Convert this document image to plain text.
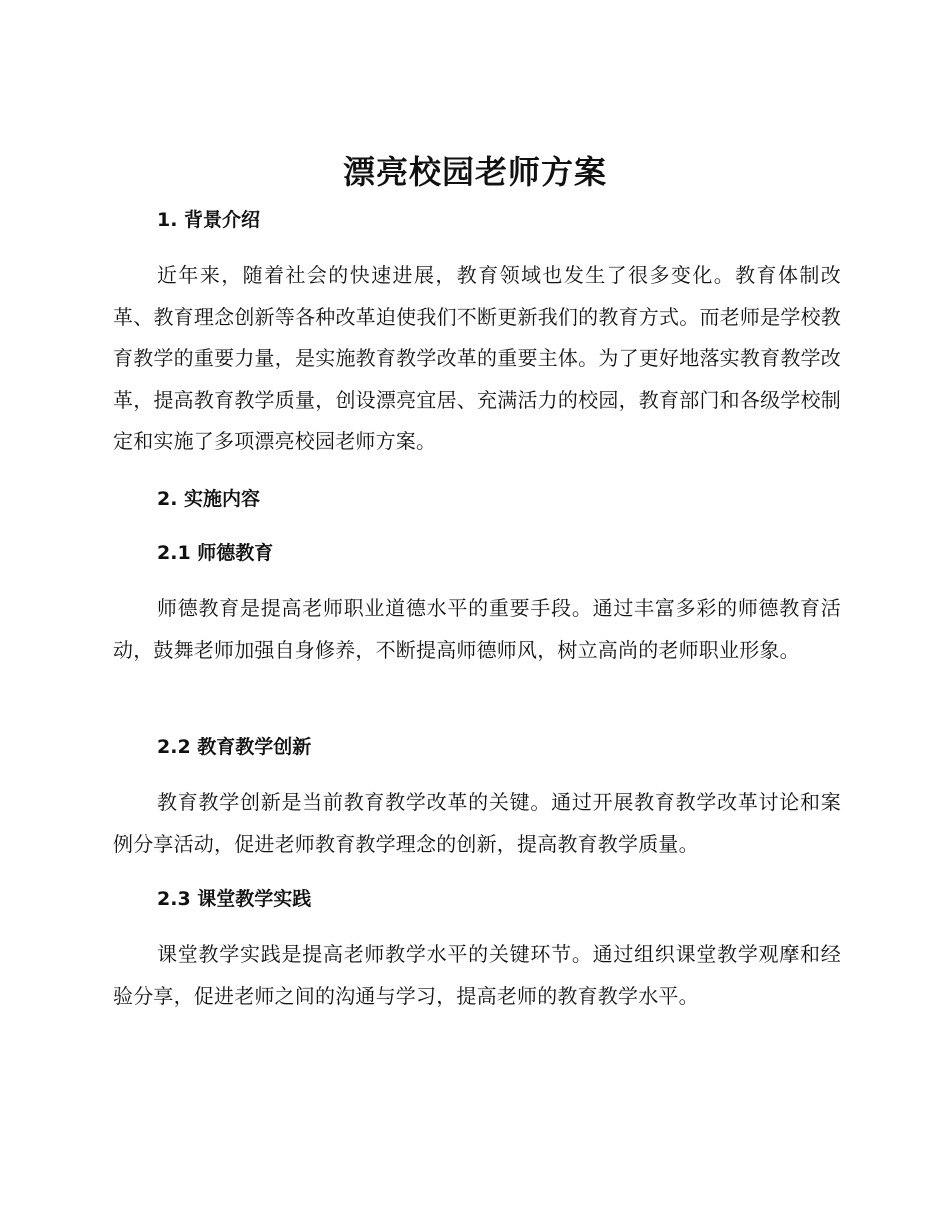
漂亮校园老师方案
1. 背景介绍

近年来，随着社会的快速进展，教育领域也发生了很多变化。教育体制改革、教育理念创新等各种改革迫使我们不断更新我们的教育方式。而老师是学校教育教学的重要力量，是实施教育教学改革的重要主体。为了更好地落实教育教学改革，提高教育教学质量，创设漂亮宜居、充满活力的校园，教育部门和各级学校制定和实施了多项漂亮校园老师方案。

2. 实施内容
2.1 师德教育

师德教育是提高老师职业道德水平的重要手段。通过丰富多彩的师德教育活动，鼓舞老师加强自身修养，不断提高师德师风，树立高尚的老师职业形象。

2.2 教育教学创新

教育教学创新是当前教育教学改革的关键。通过开展教育教学改革讨论和案例分享活动，促进老师教育教学理念的创新，提高教育教学质量。

2.3 课堂教学实践

课堂教学实践是提高老师教学水平的关键环节。通过组织课堂教学观摩和经验分享，促进老师之间的沟通与学习，提高老师的教育教学水平。
